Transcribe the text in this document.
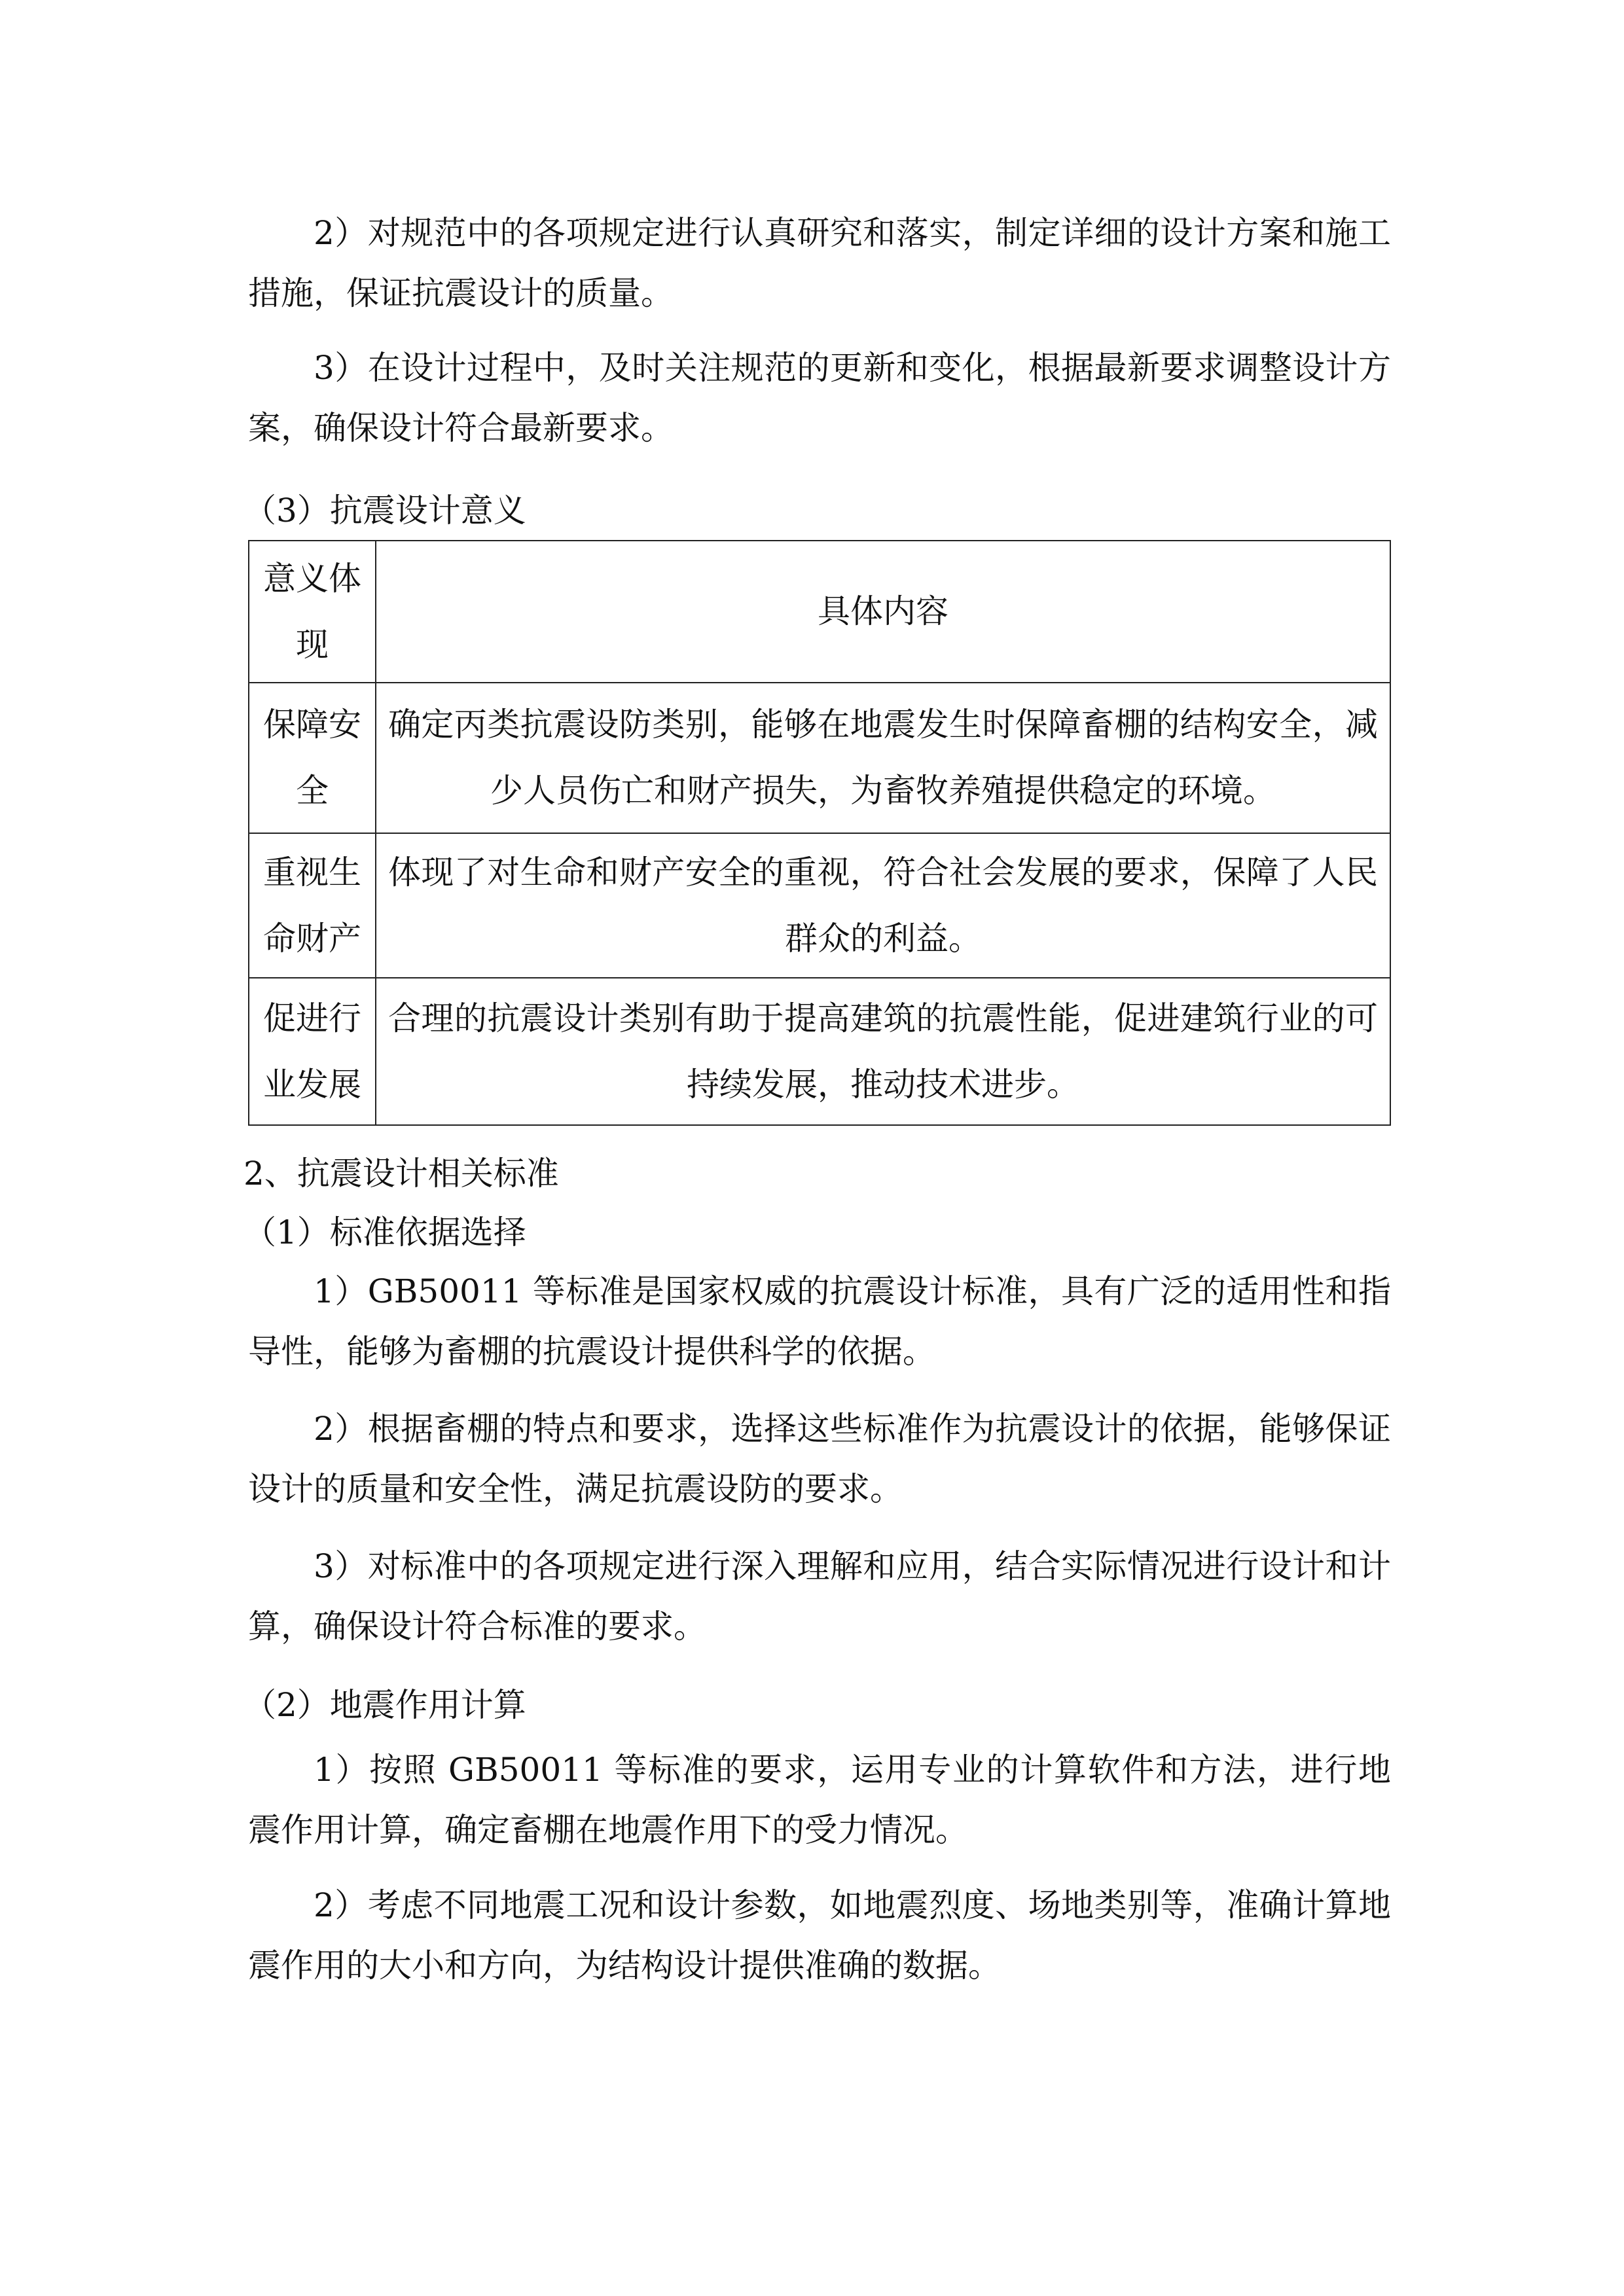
2）对规范中的各项规定进行认真研究和落实，制定详细的设计方案和施工措施，保证抗震设计的质量。
3）在设计过程中，及时关注规范的更新和变化，根据最新要求调整设计方案，确保设计符合最新要求。
（3）抗震设计意义
意义体现	具体内容
保障安全	确定丙类抗震设防类别，能够在地震发生时保障畜棚的结构安全，减少人员伤亡和财产损失，为畜牧养殖提供稳定的环境。
重视生命财产	体现了对生命和财产安全的重视，符合社会发展的要求，保障了人民群众的利益。
促进行业发展	合理的抗震设计类别有助于提高建筑的抗震性能，促进建筑行业的可持续发展，推动技术进步。
2、抗震设计相关标准
（1）标准依据选择
1）GB50011 等标准是国家权威的抗震设计标准，具有广泛的适用性和指导性，能够为畜棚的抗震设计提供科学的依据。
2）根据畜棚的特点和要求，选择这些标准作为抗震设计的依据，能够保证设计的质量和安全性，满足抗震设防的要求。
3）对标准中的各项规定进行深入理解和应用，结合实际情况进行设计和计算，确保设计符合标准的要求。
（2）地震作用计算
1）按照 GB50011 等标准的要求，运用专业的计算软件和方法，进行地震作用计算，确定畜棚在地震作用下的受力情况。
2）考虑不同地震工况和设计参数，如地震烈度、场地类别等，准确计算地震作用的大小和方向，为结构设计提供准确的数据。
